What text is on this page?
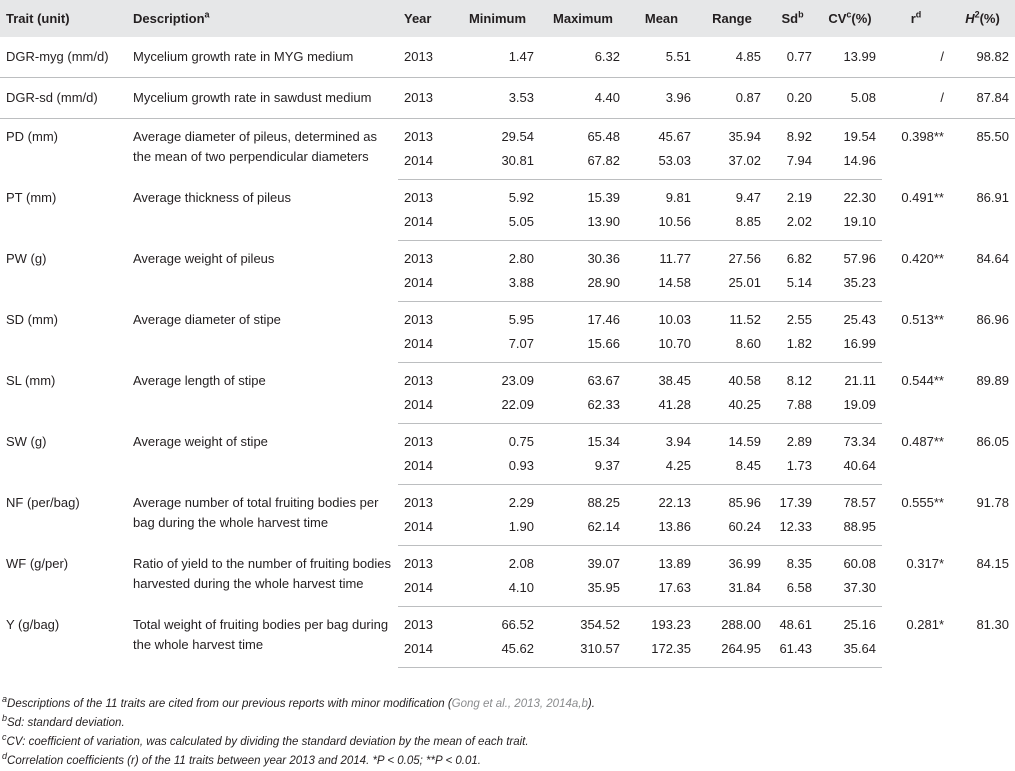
Trait (unit)	Description$^a$	Year	Minimum	Maximum	Mean	Range	Sd$^b$	$CV^c(\%)$	$r^d$	$H^2(\%)$
DGR-myg (mm/d)	Mycelium growth rate in MYG medium	2013	1.47	6.32	5.51	4.85	0.77	13.99	/	98.82
DGR-sd (mm/d)	Mycelium growth rate in sawdust medium	2013	3.53	4.40	3.96	0.87	0.20	5.08	/	87.84
PD (mm)	Average diameter of pileus, determined as the mean of two perpendicular diameters	2013	29.54	65.48	45.67	35.94	8.92	19.54	0.398**	85.50
		2014	30.81	67.82	53.03	37.02	7.94	14.96		
PT (mm)	Average thickness of pileus	2013	5.92	15.39	9.81	9.47	2.19	22.30	0.491**	86.91
		2014	5.05	13.90	10.56	8.85	2.02	19.10		
PW (g)	Average weight of pileus	2013	2.80	30.36	11.77	27.56	6.82	57.96	0.420**	84.64
		2014	3.88	28.90	14.58	25.01	5.14	35.23		
SD (mm)	Average diameter of stipe	2013	5.95	17.46	10.03	11.52	2.55	25.43	0.513**	86.96
		2014	7.07	15.66	10.70	8.60	1.82	16.99		
SL (mm)	Average length of stipe	2013	23.09	63.67	38.45	40.58	8.12	21.11	0.544**	89.89
		2014	22.09	62.33	41.28	40.25	7.88	19.09		
SW (g)	Average weight of stipe	2013	0.75	15.34	3.94	14.59	2.89	73.34	0.487**	86.05
		2014	0.93	9.37	4.25	8.45	1.73	40.64		
NF (per/bag)	Average number of total fruiting bodies per bag during the whole harvest time	2013	2.29	88.25	22.13	85.96	17.39	78.57	0.555**	91.78
		2014	1.90	62.14	13.86	60.24	12.33	88.95		
WF (g/per)	Ratio of yield to the number of fruiting bodies harvested during the whole harvest time	2013	2.08	39.07	13.89	36.99	8.35	60.08	0.317*	84.15
		2014	4.10	35.95	17.63	31.84	6.58	37.30		
Y (g/bag)	Total weight of fruiting bodies per bag during the whole harvest time	2013	66.52	354.52	193.23	288.00	48.61	25.16	0.281*	81.30
		2014	45.62	310.57	172.35	264.95	61.43	35.64		
$^a$Descriptions of the 11 traits are cited from our previous reports with minor modification (Gong et al., 2013, 2014a,b).
$^b$Sd: standard deviation.
$^c$CV: coefficient of variation, was calculated by dividing the standard deviation by the mean of each trait.
$^d$Correlation coefficients (r) of the 11 traits between year 2013 and 2014. *P < 0.05; **P < 0.01.
